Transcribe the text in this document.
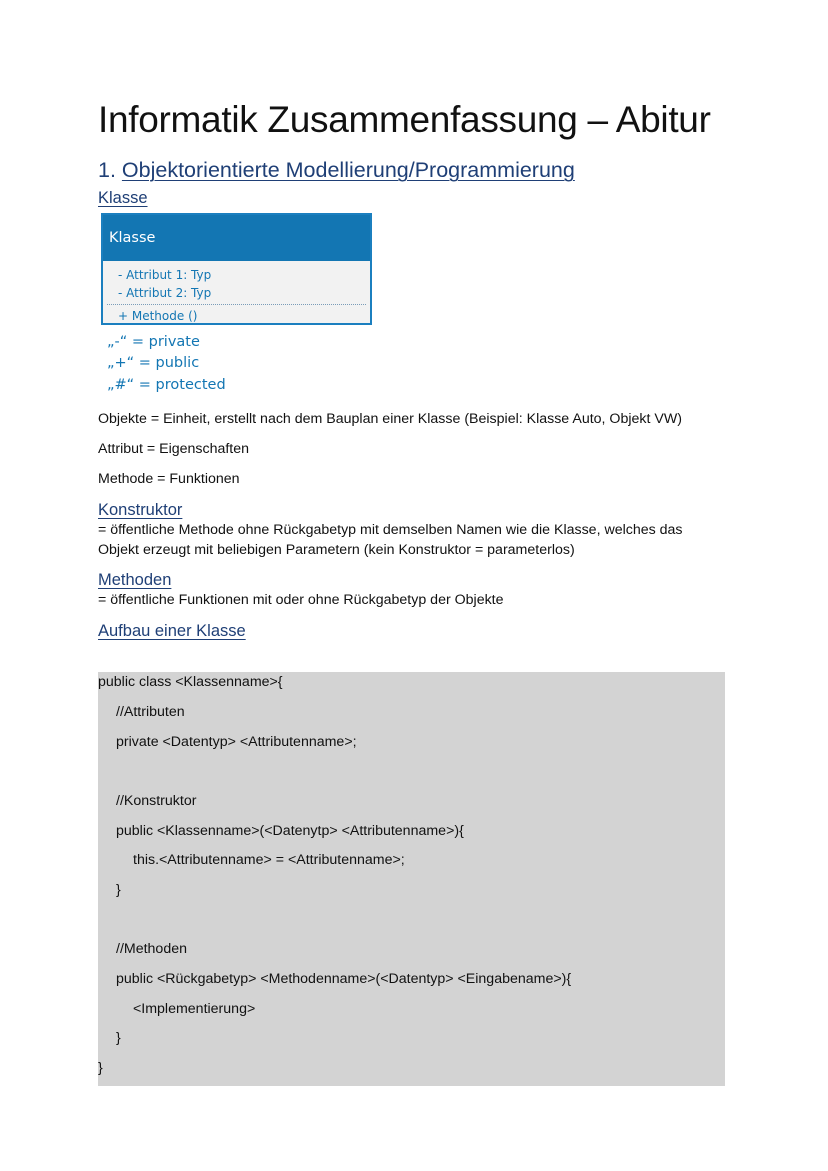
Informatik Zusammenfassung – Abitur
1. Objektorientierte Modellierung/Programmierung
Klasse
Klasse
- Attribut 1: Typ
- Attribut 2: Typ
+ Methode ()
„-“ = private
„+“ = public
„#“ = protected
Objekte = Einheit, erstellt nach dem Bauplan einer Klasse (Beispiel: Klasse Auto, Objekt VW)
Attribut = Eigenschaften
Methode = Funktionen
Konstruktor
= öffentliche Methode ohne Rückgabetyp mit demselben Namen wie die Klasse, welches das
Objekt erzeugt mit beliebigen Parametern (kein Konstruktor = parameterlos)
Methoden
= öffentliche Funktionen mit oder ohne Rückgabetyp der Objekte
Aufbau einer Klasse
public class <Klassenname>{
//Attributen
private <Datentyp> <Attributenname>;
//Konstruktor
public <Klassenname>(<Datenytp> <Attributenname>){
this.<Attributenname> = <Attributenname>;
}
//Methoden
public <Rückgabetyp> <Methodenname>(<Datentyp> <Eingabename>){
<Implementierung>
}
}
